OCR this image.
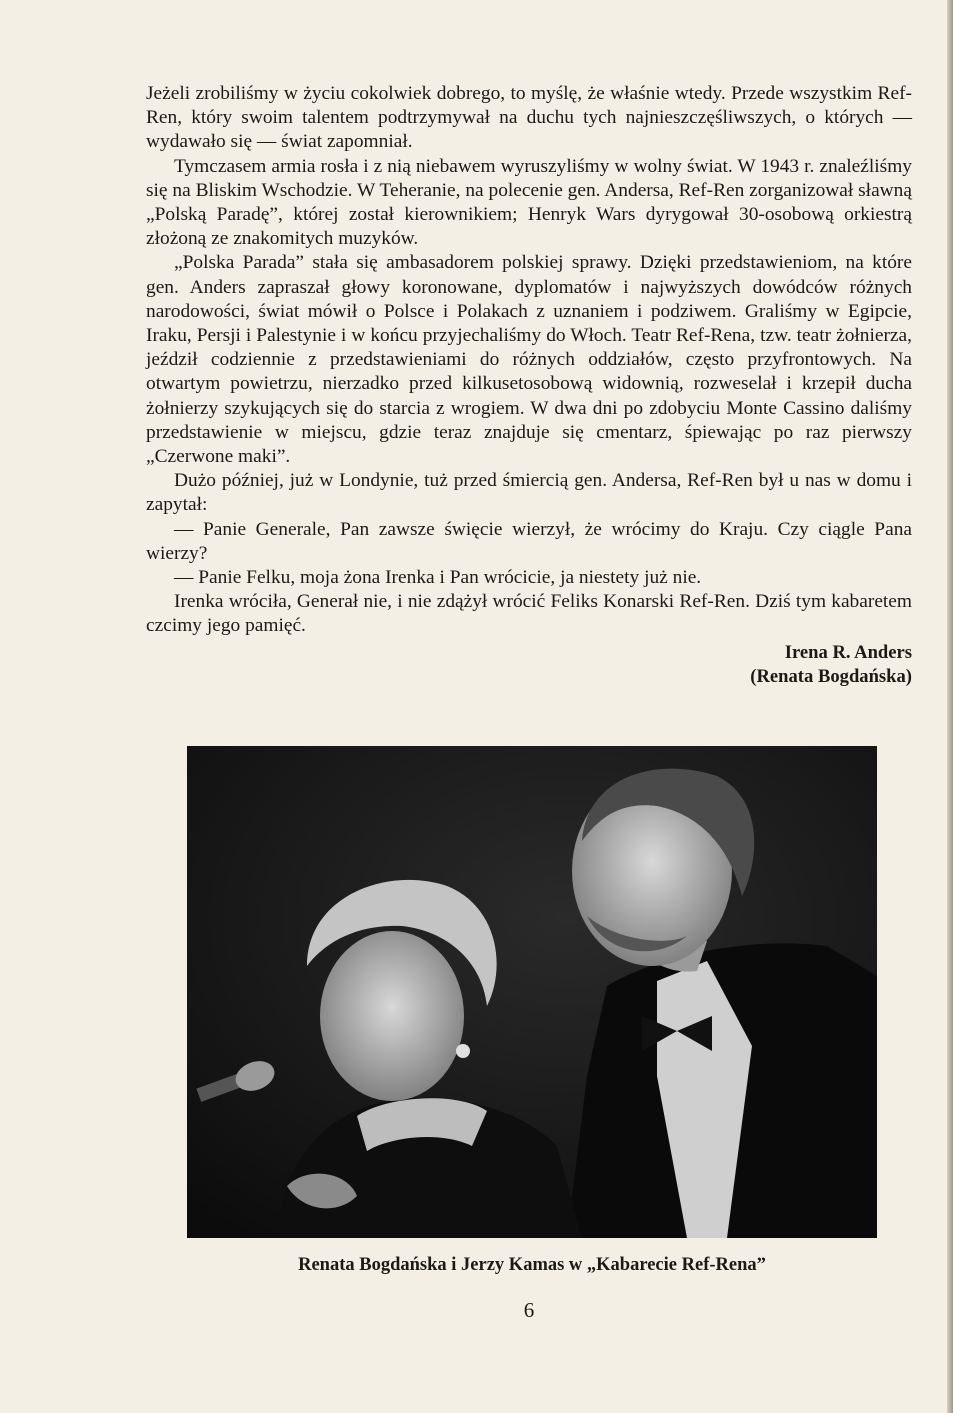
Jeżeli zrobiliśmy w życiu cokolwiek dobrego, to myślę, że właśnie wtedy. Przede wszystkim Ref-Ren, który swoim talentem podtrzymywał na duchu tych najnieszczęśliwszych, o których — wydawało się — świat zapomniał.

Tymczasem armia rosła i z nią niebawem wyruszyliśmy w wolny świat. W 1943 r. znaleźliśmy się na Bliskim Wschodzie. W Teheranie, na polecenie gen. Andersa, Ref-Ren zorganizował sławną „Polską Paradę”, której został kierownikiem; Henryk Wars dyrygował 30-osobową orkiestrą złożoną ze znakomitych muzyków.

„Polska Parada” stała się ambasadorem polskiej sprawy. Dzięki przedstawieniom, na które gen. Anders zapraszał głowy koronowane, dyplomatów i najwyższych dowódców różnych narodowości, świat mówił o Polsce i Polakach z uznaniem i podziwem. Graliśmy w Egipcie, Iraku, Persji i Palestynie i w końcu przyjechaliśmy do Włoch. Teatr Ref-Rena, tzw. teatr żołnierza, jeździł codziennie z przedstawieniami do różnych oddziałów, często przyfrontowych. Na otwartym powietrzu, nierzadko przed kilkusetosobową widownią, rozweselał i krzepił ducha żołnierzy szykujących się do starcia z wrogiem. W dwa dni po zdobyciu Monte Cassino daliśmy przedstawienie w miejscu, gdzie teraz znajduje się cmentarz, śpiewając po raz pierwszy „Czerwone maki”.

Dużo później, już w Londynie, tuż przed śmiercią gen. Andersa, Ref-Ren był u nas w domu i zapytał:

— Panie Generale, Pan zawsze święcie wierzył, że wrócimy do Kraju. Czy ciągle Pana wierzy?

— Panie Felku, moja żona Irenka i Pan wrócicie, ja niestety już nie.

Irenka wróciła, Generał nie, i nie zdążył wrócić Feliks Konarski Ref-Ren. Dziś tym kabaretem czcimy jego pamięć.

Irena R. Anders
(Renata Bogdańska)
Renata Bogdańska i Jerzy Kamas w „Kabarecie Ref-Rena”
6
